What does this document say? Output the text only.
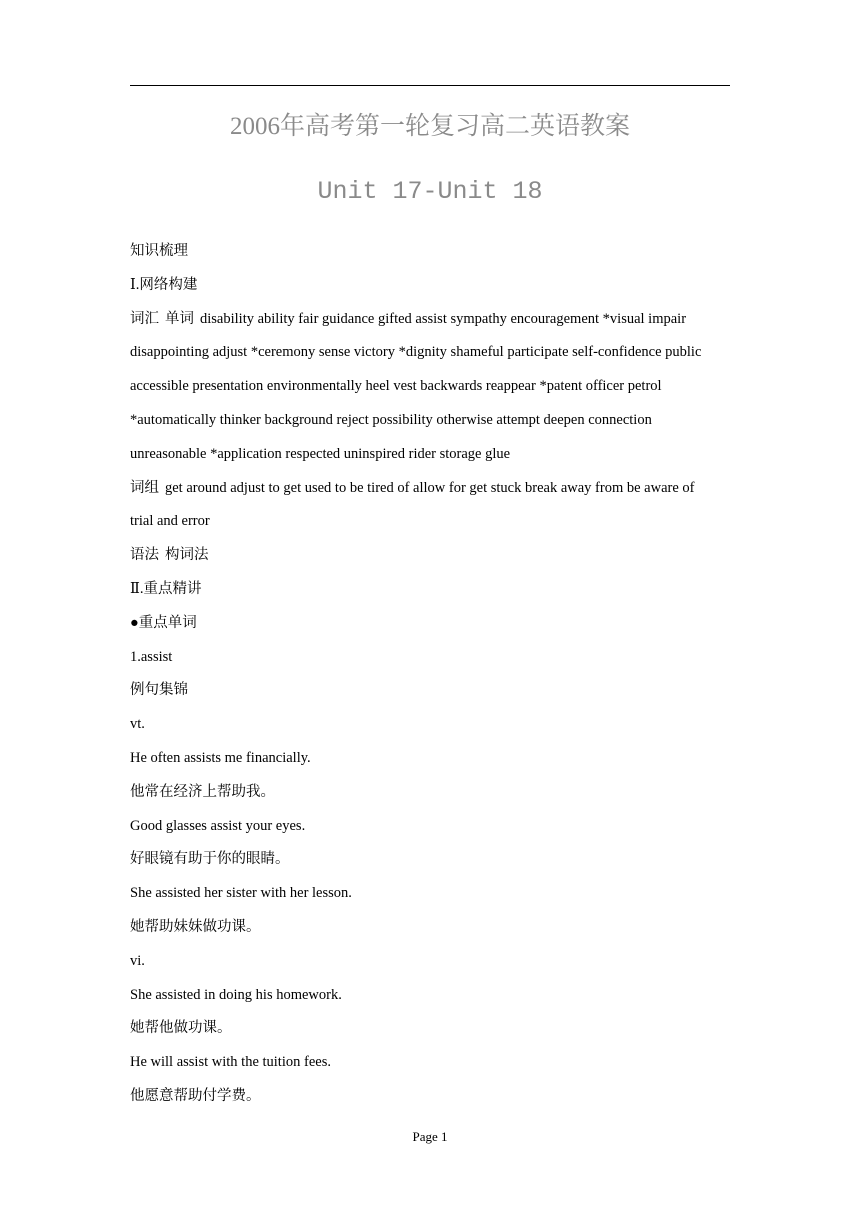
2006年高考第一轮复习高二英语教案
Unit 17-Unit 18
知识梳理
Ⅰ.网络构建
词汇 单词 disability ability fair guidance gifted assist sympathy encouragement *visual impair
disappointing adjust *ceremony sense victory *dignity shameful participate self-confidence public
accessible presentation environmentally heel vest backwards reappear *patent officer petrol
*automatically thinker background reject possibility otherwise attempt deepen connection
unreasonable *application respected uninspired rider storage glue
词组 get around adjust to get used to be tired of allow for get stuck break away from be aware of
trial and error
语法 构词法
Ⅱ.重点精讲
●重点单词
1.assist
例句集锦
vt.
He often assists me financially.
他常在经济上帮助我。
Good glasses assist your eyes.
好眼镜有助于你的眼睛。
She assisted her sister with her lesson.
她帮助妹妹做功课。
vi.
She assisted in doing his homework.
她帮他做功课。
He will assist with the tuition fees.
他愿意帮助付学费。
Page 1
